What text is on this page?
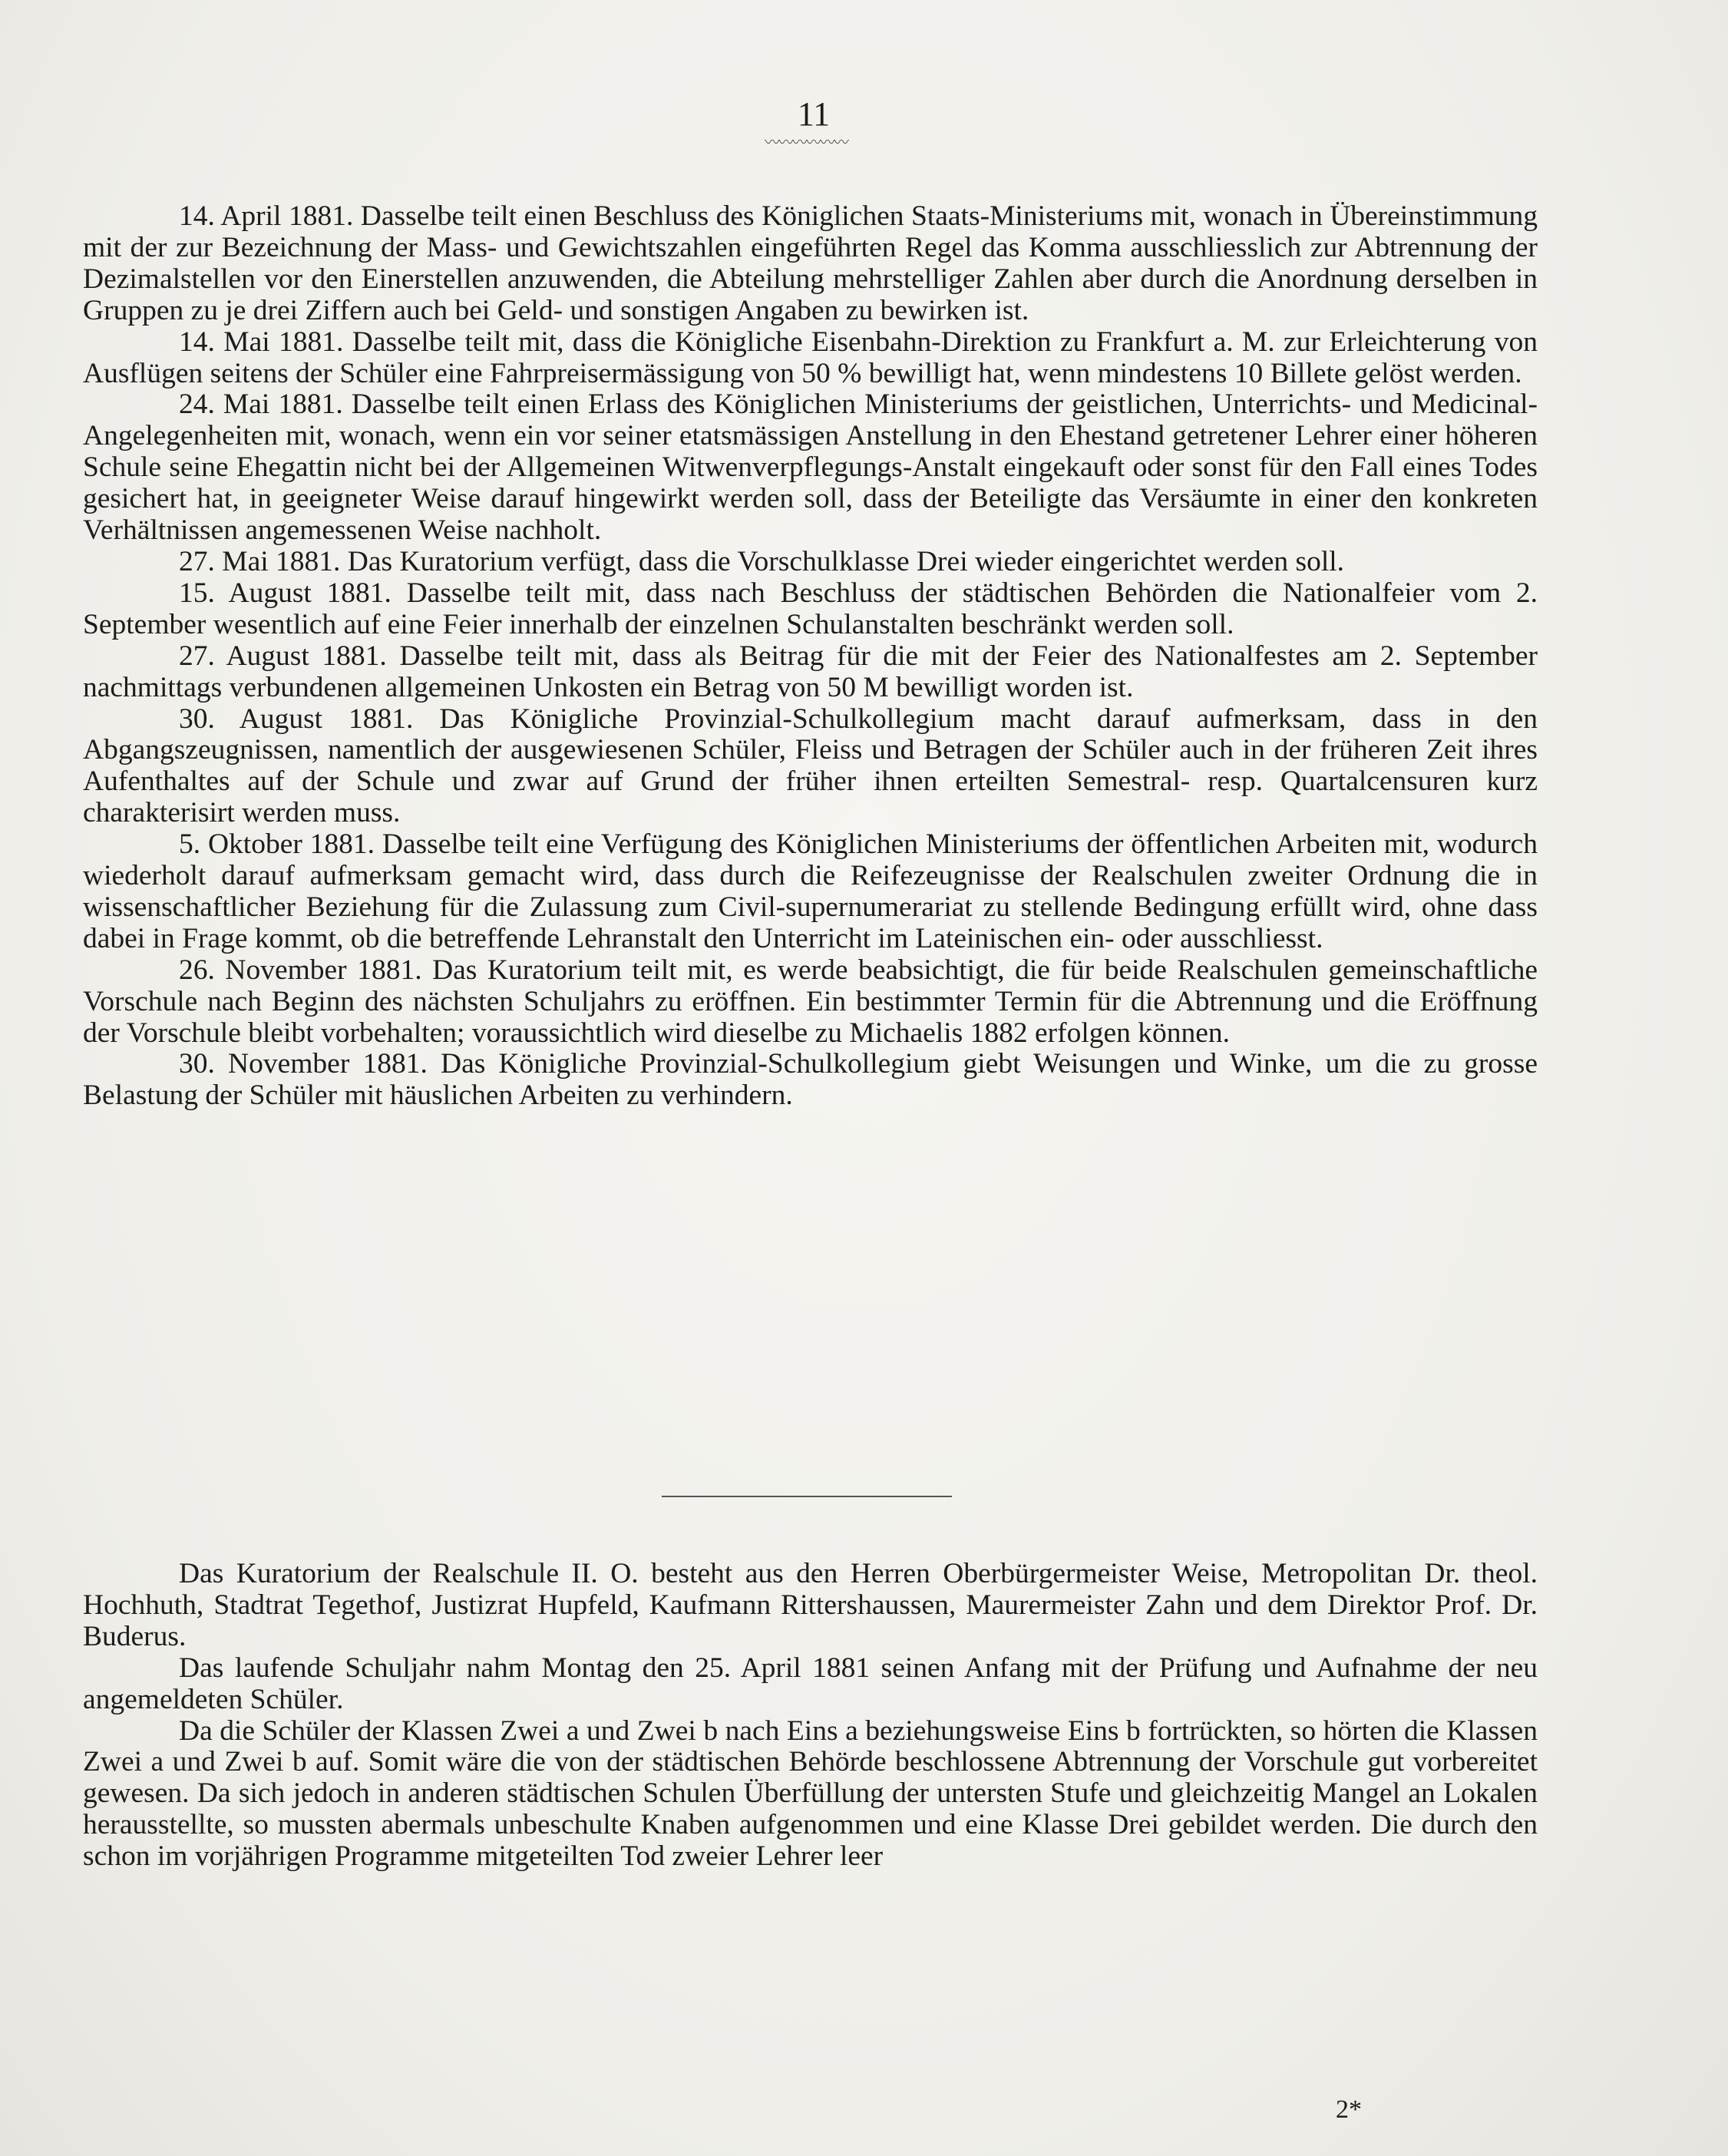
11
〰〰〰〰〰〰

14. April 1881. Dasselbe teilt einen Beschluss des Königlichen Staats-Ministeriums mit, wonach in Übereinstimmung mit der zur Bezeichnung der Mass- und Gewichtszahlen eingeführten Regel das Komma ausschliesslich zur Abtrennung der Dezimalstellen vor den Einerstellen anzuwenden, die Abteilung mehrstelliger Zahlen aber durch die Anordnung derselben in Gruppen zu je drei Ziffern auch bei Geld- und sonstigen Angaben zu bewirken ist.

14. Mai 1881. Dasselbe teilt mit, dass die Königliche Eisenbahn-Direktion zu Frankfurt a. M. zur Erleichterung von Ausflügen seitens der Schüler eine Fahrpreisermässigung von 50 % bewilligt hat, wenn mindestens 10 Billete gelöst werden.

24. Mai 1881. Dasselbe teilt einen Erlass des Königlichen Ministeriums der geistlichen, Unterrichts- und Medicinal-Angelegenheiten mit, wonach, wenn ein vor seiner etatsmässigen Anstellung in den Ehestand getretener Lehrer einer höheren Schule seine Ehegattin nicht bei der Allgemeinen Witwenverpflegungs-Anstalt eingekauft oder sonst für den Fall eines Todes gesichert hat, in geeigneter Weise darauf hingewirkt werden soll, dass der Beteiligte das Versäumte in einer den konkreten Verhältnissen angemessenen Weise nachholt.

27. Mai 1881. Das Kuratorium verfügt, dass die Vorschulklasse Drei wieder eingerichtet werden soll.

15. August 1881. Dasselbe teilt mit, dass nach Beschluss der städtischen Behörden die Nationalfeier vom 2. September wesentlich auf eine Feier innerhalb der einzelnen Schulanstalten beschränkt werden soll.

27. August 1881. Dasselbe teilt mit, dass als Beitrag für die mit der Feier des Nationalfestes am 2. September nachmittags verbundenen allgemeinen Unkosten ein Betrag von 50 M bewilligt worden ist.

30. August 1881. Das Königliche Provinzial-Schulkollegium macht darauf aufmerksam, dass in den Abgangszeugnissen, namentlich der ausgewiesenen Schüler, Fleiss und Betragen der Schüler auch in der früheren Zeit ihres Aufenthaltes auf der Schule und zwar auf Grund der früher ihnen erteilten Semestral- resp. Quartalcensuren kurz charakterisirt werden muss.

5. Oktober 1881. Dasselbe teilt eine Verfügung des Königlichen Ministeriums der öffentlichen Arbeiten mit, wodurch wiederholt darauf aufmerksam gemacht wird, dass durch die Reifezeugnisse der Realschulen zweiter Ordnung die in wissenschaftlicher Beziehung für die Zulassung zum Civil-supernumerariat zu stellende Bedingung erfüllt wird, ohne dass dabei in Frage kommt, ob die betreffende Lehranstalt den Unterricht im Lateinischen ein- oder ausschliesst.

26. November 1881. Das Kuratorium teilt mit, es werde beabsichtigt, die für beide Realschulen gemeinschaftliche Vorschule nach Beginn des nächsten Schuljahrs zu eröffnen. Ein bestimmter Termin für die Abtrennung und die Eröffnung der Vorschule bleibt vorbehalten; voraussichtlich wird dieselbe zu Michaelis 1882 erfolgen können.

30. November 1881. Das Königliche Provinzial-Schulkollegium giebt Weisungen und Winke, um die zu grosse Belastung der Schüler mit häuslichen Arbeiten zu verhindern.

Das Kuratorium der Realschule II. O. besteht aus den Herren Oberbürgermeister Weise, Metropolitan Dr. theol. Hochhuth, Stadtrat Tegethof, Justizrat Hupfeld, Kaufmann Rittershaussen, Maurermeister Zahn und dem Direktor Prof. Dr. Buderus.

Das laufende Schuljahr nahm Montag den 25. April 1881 seinen Anfang mit der Prüfung und Aufnahme der neu angemeldeten Schüler.

Da die Schüler der Klassen Zwei a und Zwei b nach Eins a beziehungsweise Eins b fortrückten, so hörten die Klassen Zwei a und Zwei b auf. Somit wäre die von der städtischen Behörde beschlossene Abtrennung der Vorschule gut vorbereitet gewesen. Da sich jedoch in anderen städtischen Schulen Überfüllung der untersten Stufe und gleichzeitig Mangel an Lokalen herausstellte, so mussten abermals unbeschulte Knaben aufgenommen und eine Klasse Drei gebildet werden. Die durch den schon im vorjährigen Programme mitgeteilten Tod zweier Lehrer leer

2*
